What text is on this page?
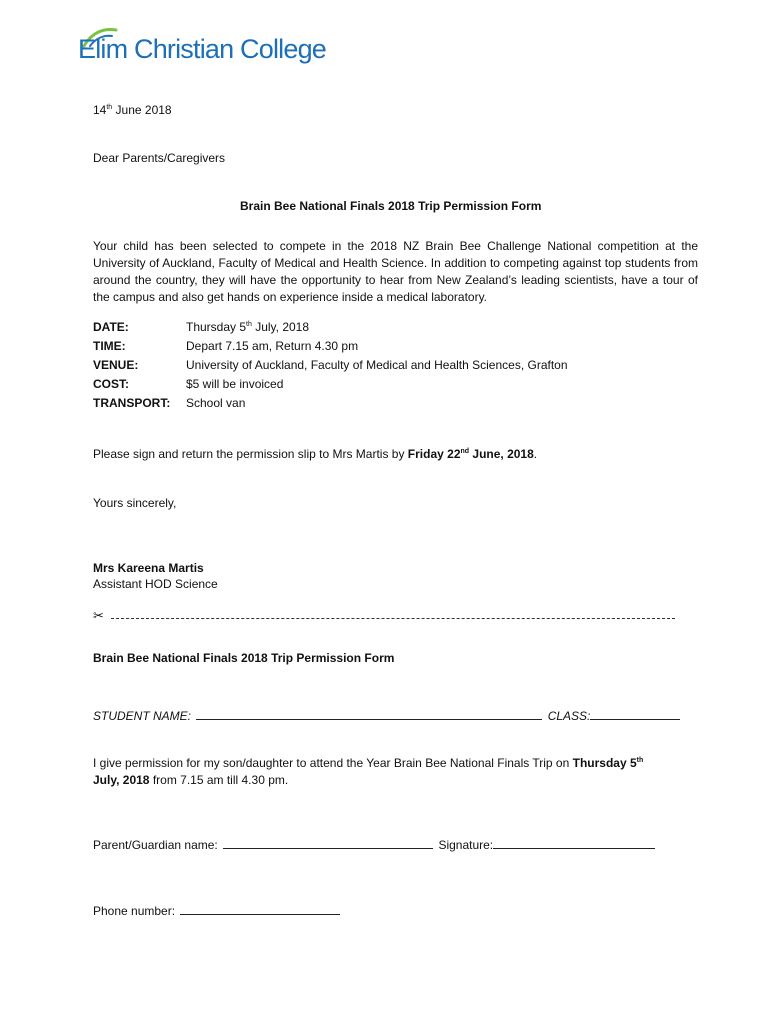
Elim Christian College
14th June 2018
Dear Parents/Caregivers
Brain Bee National Finals 2018 Trip Permission Form
Your child has been selected to compete in the 2018 NZ Brain Bee Challenge National competition at the University of Auckland, Faculty of Medical and Health Science. In addition to competing against top students from around the country, they will have the opportunity to hear from New Zealand’s leading scientists, have a tour of the campus and also get hands on experience inside a medical laboratory.
DATE:	Thursday 5th July, 2018
TIME:	Depart 7.15 am, Return 4.30 pm
VENUE:	University of Auckland, Faculty of Medical and Health Sciences, Grafton
COST:	$5 will be invoiced
TRANSPORT: School van
Please sign and return the permission slip to Mrs Martis by Friday 22nd June, 2018.
Yours sincerely,
Mrs Kareena Martis
Assistant HOD Science
✂
Brain Bee National Finals 2018 Trip Permission Form
STUDENT NAME:	CLASS:
I give permission for my son/daughter to attend the Year Brain Bee National Finals Trip on Thursday 5th
July, 2018 from 7.15 am till 4.30 pm.
Parent/Guardian name:	Signature:
Phone number:
